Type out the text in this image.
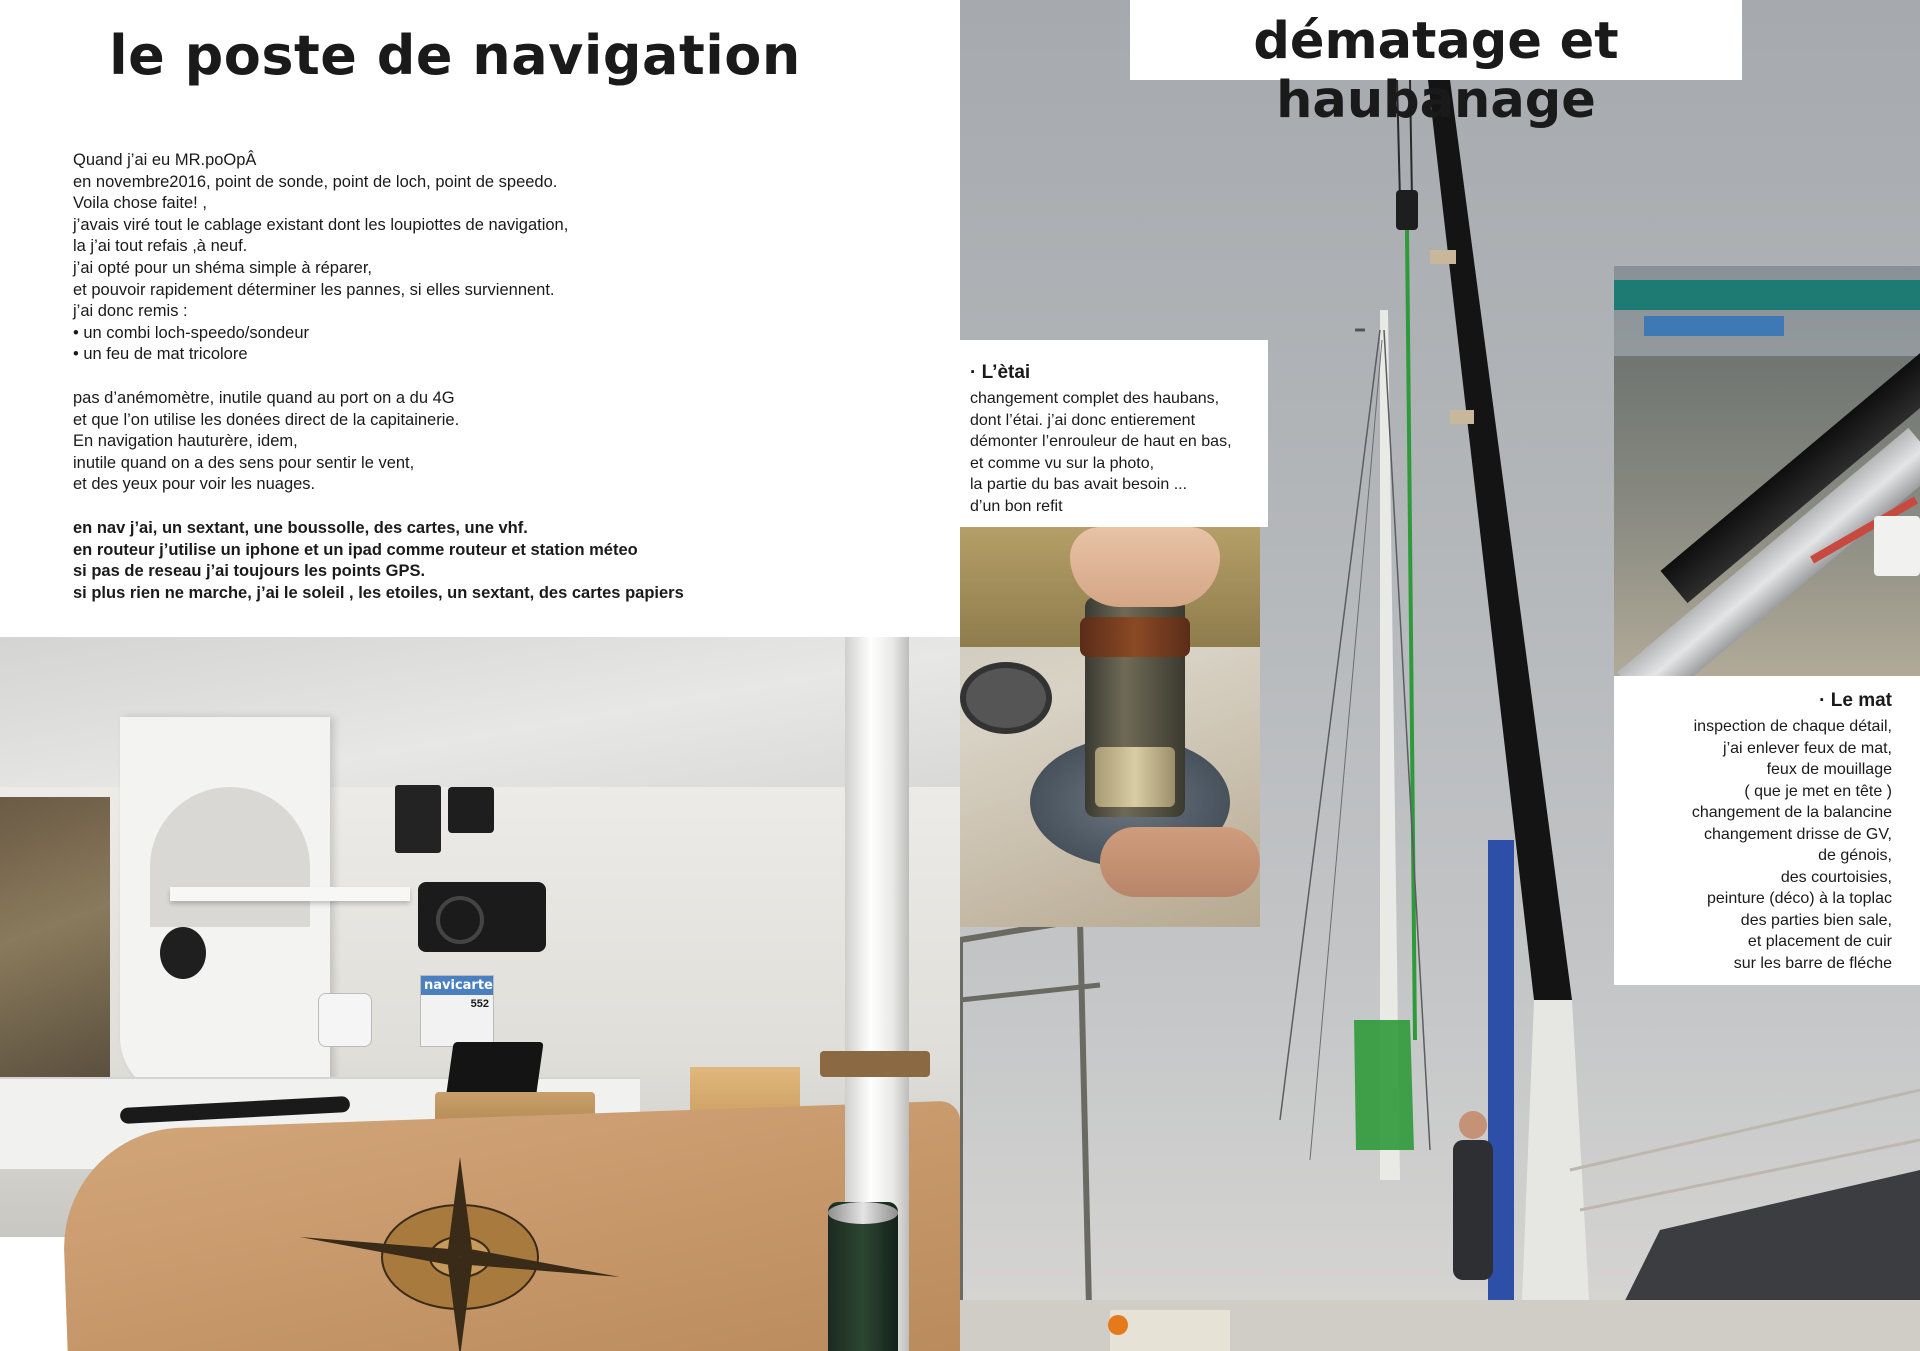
le poste de navigation

Quand j’ai eu MR.poOpÂ

en novembre2016, point de sonde, point de loch, point de speedo.

Voila chose faite! ,

j’avais viré tout le cablage existant dont les loupiottes de navigation,

la j’ai tout refais ,à neuf.

j’ai opté pour un shéma simple à réparer,

et pouvoir rapidement déterminer les pannes, si elles surviennent.

j’ai donc remis :

• un combi loch-speedo/sondeur

• un feu de mat tricolore

pas d’anémomètre, inutile quand au port on a du 4G

et que l’on utilise les donées direct de la capitainerie.

En navigation hauturère, idem,

inutile quand on a des sens pour sentir le vent,

et des yeux pour voir les nuages.

en nav j’ai, un sextant, une boussolle, des cartes, une vhf.

en routeur j’utilise un iphone et un ipad comme routeur et station méteo

si pas de reseau j’ai toujours les points GPS.

si plus rien ne marche, j’ai le soleil , les etoiles, un sextant, des cartes papiers

navicarte
552
dématage et haubanage
· L’ètai

changement complet des haubans,

dont l’étai. j’ai donc entierement

démonter l’enrouleur de haut en bas,

et comme vu sur la photo,

la partie du bas avait besoin ...

d’un bon refit

· Le mat

inspection de chaque détail,

j’ai enlever feux de mat,

feux de mouillage

( que je met en tête )

changement de la balancine

changement drisse de GV,

de génois,

des courtoisies,

peinture (déco) à la toplac

des parties bien sale,

et placement de cuir

sur les barre de fléche
